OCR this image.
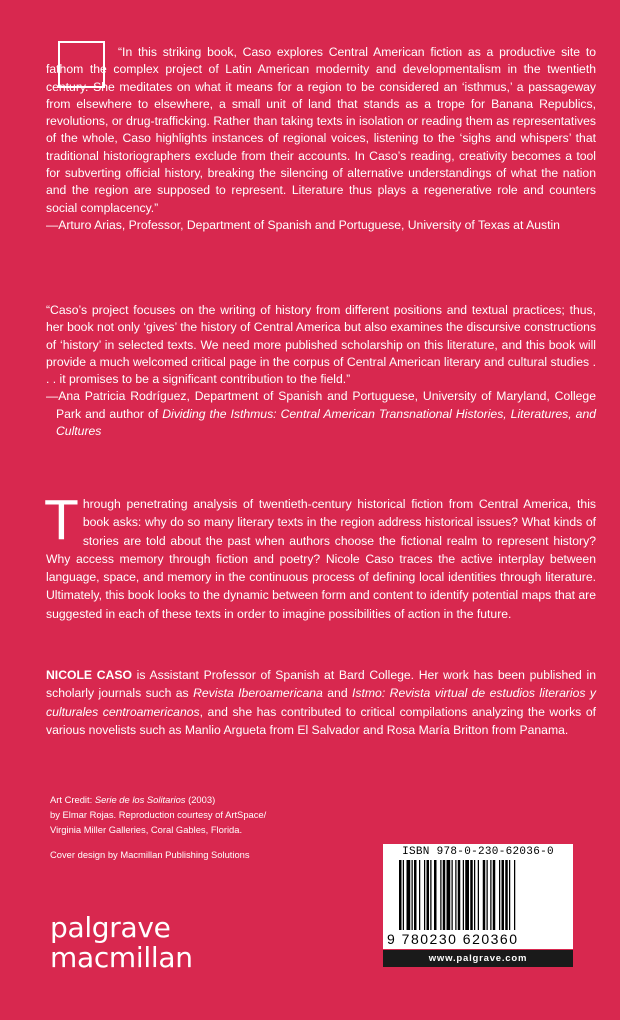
“In this striking book, Caso explores Central American fiction as a productive site to fathom the complex project of Latin American modernity and developmentalism in the twentieth century. She meditates on what it means for a region to be considered an ‘isthmus,’ a passageway from elsewhere to elsewhere, a small unit of land that stands as a trope for Banana Republics, revolutions, or drug-trafficking. Rather than taking texts in isolation or reading them as representatives of the whole, Caso highlights instances of regional voices, listening to the ‘sighs and whispers’ that traditional historiographers exclude from their accounts. In Caso’s reading, creativity becomes a tool for subverting official history, breaking the silencing of alternative understandings of what the nation and the region are supposed to represent. Literature thus plays a regenerative role and counters social complacency.”

—Arturo Arias, Professor, Department of Spanish and Portuguese, University of Texas at Austin

“Caso’s project focuses on the writing of history from different positions and textual practices; thus, her book not only ‘gives’ the history of Central America but also examines the discursive constructions of ‘history’ in selected texts. We need more published scholarship on this literature, and this book will provide a much welcomed critical page in the corpus of Central American literary and cultural studies . . . it promises to be a significant contribution to the field.”

—Ana Patricia Rodríguez, Department of Spanish and Portuguese, University of Maryland, College Park and author of Dividing the Isthmus: Central American Transnational Histories, Literatures, and Cultures

Through penetrating analysis of twentieth-century historical fiction from Central America, this book asks: why do so many literary texts in the region address historical issues? What kinds of stories are told about the past when authors choose the fictional realm to represent history? Why access memory through fiction and poetry? Nicole Caso traces the active interplay between language, space, and memory in the continuous process of defining local identities through literature. Ultimately, this book looks to the dynamic between form and content to identify potential maps that are suggested in each of these texts in order to imagine possibilities of action in the future.

NICOLE CASO is Assistant Professor of Spanish at Bard College. Her work has been published in scholarly journals such as Revista Iberoamericana and Istmo: Revista virtual de estudios literarios y culturales centroamericanos, and she has contributed to critical compilations analyzing the works of various novelists such as Manlio Argueta from El Salvador and Rosa María Britton from Panama.

Art Credit: Serie de los Solitarios (2003)
by Elmar Rojas. Reproduction courtesy of ArtSpace/
Virginia Miller Galleries, Coral Gables, Florida.

Cover design by Macmillan Publishing Solutions

palgrave
macmillan
ISBN 978-0-230-62036-0
9 780230 620360
www.palgrave.com
